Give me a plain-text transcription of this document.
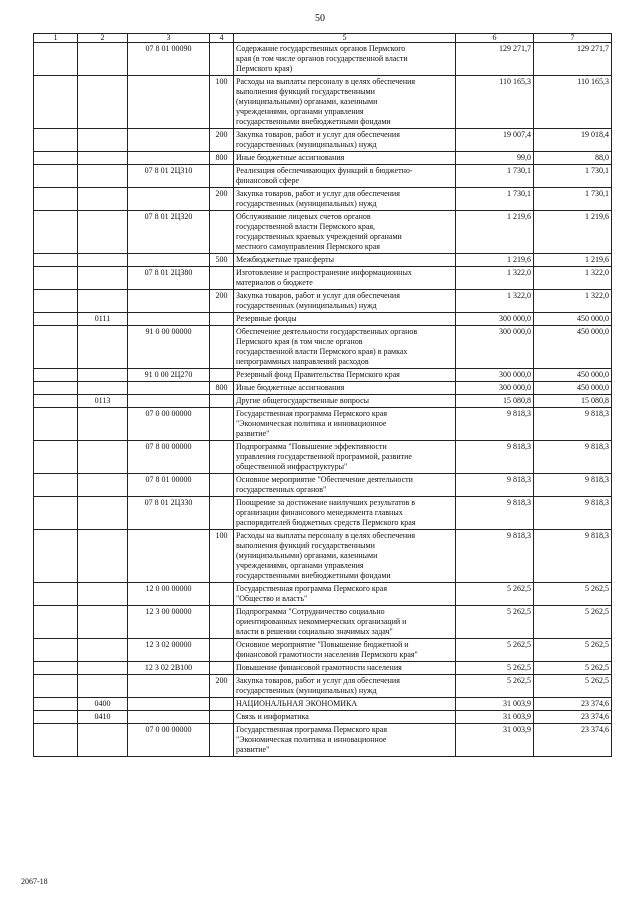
50
1	2	3	4	5	6	7
		07 8 01 00090		Содержание государственных органов Пермского
края (в том числе органов государственной власти
Пермского края)	129 271,7	129 271,7
			100	Расходы на выплаты персоналу в целях обеспечения
выполнения функций государственными
(муниципальными) органами, казенными
учреждениями, органами управления
государственными внебюджетными фондами	110 165,3	110 165,3
			200	Закупка товаров, работ и услуг для обеспечения
государственных (муниципальных) нужд	19 007,4	19 018,4
			800	Иные бюджетные ассигнования	99,0	88,0
		07 8 01 2Ц310		Реализация обеспечивающих функций в бюджетно-
финансовой сфере	1 730,1	1 730,1
			200	Закупка товаров, работ и услуг для обеспечения
государственных (муниципальных) нужд	1 730,1	1 730,1
		07 8 01 2Ц320		Обслуживание лицевых счетов органов
государственной власти Пермского края,
государственных краевых учреждений органами
местного самоуправления Пермского края	1 219,6	1 219,6
			500	Межбюджетные трансферты	1 219,6	1 219,6
		07 8 01 2Ц380		Изготовление и распространение информационных
материалов о бюджете	1 322,0	1 322,0
			200	Закупка товаров, работ и услуг для обеспечения
государственных (муниципальных) нужд	1 322,0	1 322,0
	0111			Резервные фонды	300 000,0	450 000,0
		91 0 00 00000		Обеспечение деятельности государственных органов
Пермского края (в том числе органов
государственной власти Пермского края) в рамках
непрограммных направлений расходов	300 000,0	450 000,0
		91 0 00 2Ц270		Резервный фонд Правительства Пермского края	300 000,0	450 000,0
			800	Иные бюджетные ассигнования	300 000,0	450 000,0
	0113			Другие общегосударственные вопросы	15 080,8	15 080,8
		07 0 00 00000		Государственная программа Пермского края
"Экономическая политика и инновационное
развитие"	9 818,3	9 818,3
		07 8 00 00000		Подпрограмма "Повышение эффективности
управления государственной программой, развитие
общественной инфраструктуры"	9 818,3	9 818,3
		07 8 01 00000		Основное мероприятие "Обеспечение деятельности
государственных органов"	9 818,3	9 818,3
		07 8 01 2Ц330		Поощрение за достижение наилучших результатов в
организации финансового менеджмента главных
распорядителей бюджетных средств Пермского края	9 818,3	9 818,3
			100	Расходы на выплаты персоналу в целях обеспечения
выполнения функций государственными
(муниципальными) органами, казенными
учреждениями, органами управления
государственными внебюджетными фондами	9 818,3	9 818,3
		12 0 00 00000		Государственная программа Пермского края
"Общество и власть"	5 262,5	5 262,5
		12 3 00 00000		Подпрограмма "Сотрудничество социально
ориентированных некоммерческих организаций и
власти в решении социально значимых задач"	5 262,5	5 262,5
		12 3 02 00000		Основное мероприятие "Повышение бюджетной и
финансовой грамотности населения Пермского края"	5 262,5	5 262,5
		12 3 02 2В100		Повышение финансовой грамотности населения	5 262,5	5 262,5
			200	Закупка товаров, работ и услуг для обеспечения
государственных (муниципальных) нужд	5 262,5	5 262,5
	0400			НАЦИОНАЛЬНАЯ ЭКОНОМИКА	31 003,9	23 374,6
	0410			Связь и информатика	31 003,9	23 374,6
		07 0 00 00000		Государственная программа Пермского края
"Экономическая политика и инновационное
развитие"	31 003,9	23 374,6
2067-18
